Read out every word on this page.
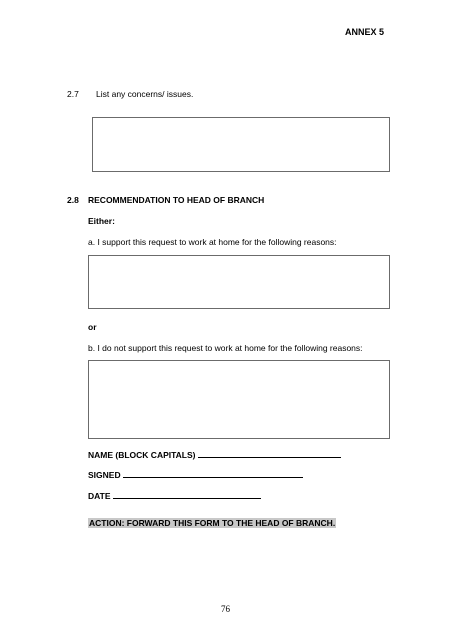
ANNEX 5
2.7 List any concerns/ issues.
2.8 RECOMMENDATION TO HEAD OF BRANCH
Either:
a. I support this request to work at home for the following reasons:
or
b. I do not support this request to work at home for the following reasons:
NAME (BLOCK CAPITALS)
SIGNED
DATE
ACTION: FORWARD THIS FORM TO THE HEAD OF BRANCH.
76
